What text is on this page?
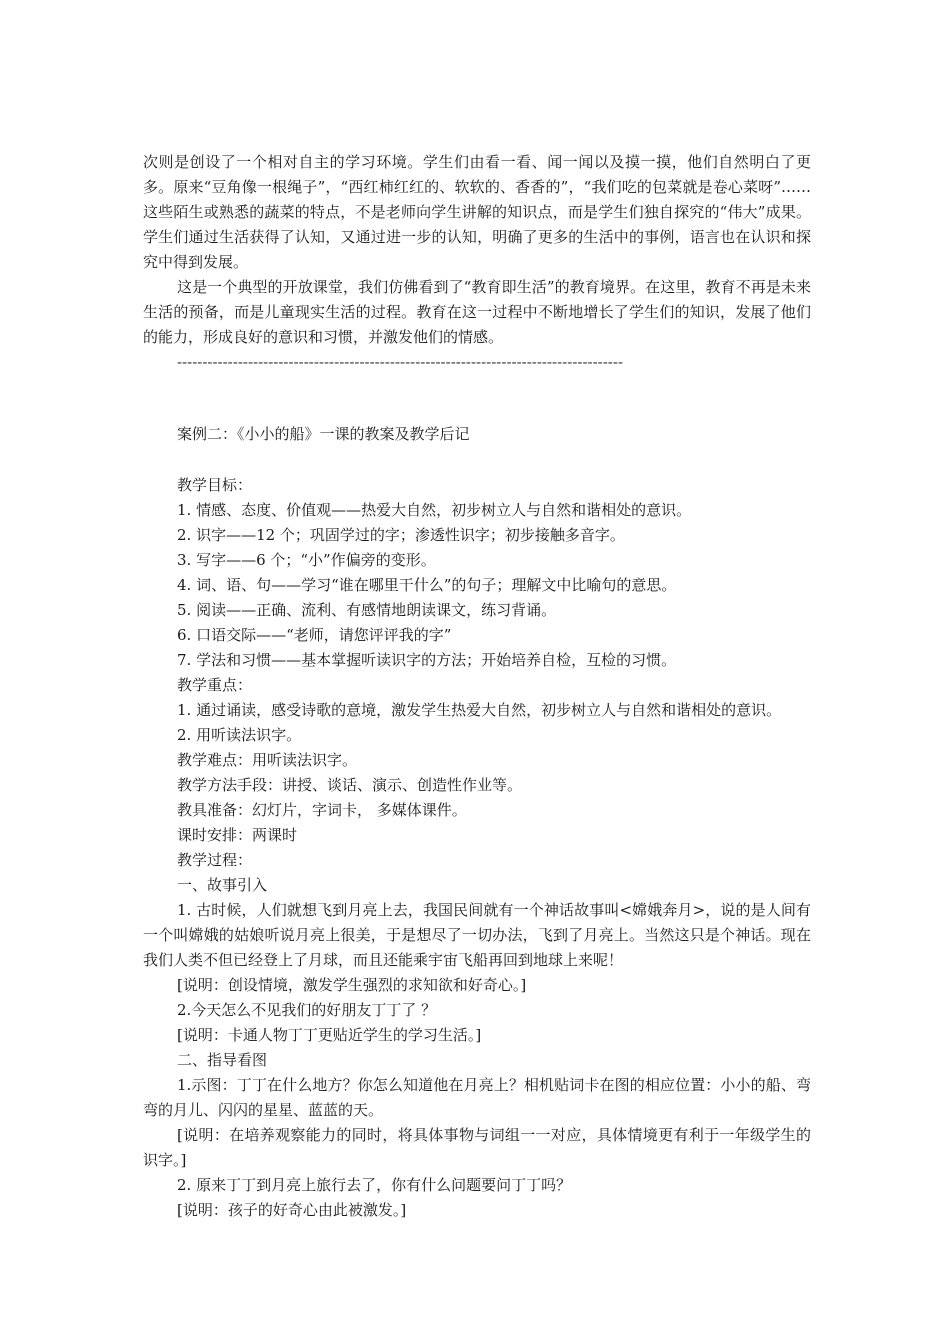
次则是创设了一个相对自主的学习环境。学生们由看一看、闻一闻以及摸一摸，他们自然明白了更多。原来“豆角像一根绳子”，“西红柿红红的、软软的、香香的”，“我们吃的包菜就是卷心菜呀”……这些陌生或熟悉的蔬菜的特点，不是老师向学生讲解的知识点，而是学生们独自探究的“伟大”成果。学生们通过生活获得了认知，又通过进一步的认知，明确了更多的生活中的事例，语言也在认识和探究中得到发展。

这是一个典型的开放课堂，我们仿佛看到了“教育即生活”的教育境界。在这里，教育不再是未来生活的预备，而是儿童现实生活的过程。教育在这一过程中不断地增长了学生们的知识，发展了他们的能力，形成良好的意识和习惯，并激发他们的情感。

----------------------------------------------------------------------------------------

案例二：《小小的船》一课的教案及教学后记

教学目标：

1. 情感、态度、价值观——热爱大自然，初步树立人与自然和谐相处的意识。

2. 识字——12 个；巩固学过的字；渗透性识字；初步接触多音字。

3. 写字——6 个；“小”作偏旁的变形。

4. 词、语、句——学习“谁在哪里干什么”的句子；理解文中比喻句的意思。

5. 阅读——正确、流利、有感情地朗读课文，练习背诵。

6. 口语交际——“老师，请您评评我的字”

7. 学法和习惯——基本掌握听读识字的方法；开始培养自检，互检的习惯。

教学重点：

1. 通过诵读，感受诗歌的意境，激发学生热爱大自然，初步树立人与自然和谐相处的意识。

2. 用听读法识字。

教学难点：用听读法识字。

教学方法手段：讲授、谈话、演示、创造性作业等。

教具准备：幻灯片，字词卡， 多媒体课件。

课时安排：两课时

教学过程：

一、故事引入

1. 古时候，人们就想飞到月亮上去，我国民间就有一个神话故事叫<嫦娥奔月>，说的是人间有一个叫嫦娥的姑娘听说月亮上很美，于是想尽了一切办法，飞到了月亮上。当然这只是个神话。现在我们人类不但已经登上了月球，而且还能乘宇宙飞船再回到地球上来呢！

[说明：创设情境，激发学生强烈的求知欲和好奇心。]

2.今天怎么不见我们的好朋友丁丁了 ？

[说明：卡通人物丁丁更贴近学生的学习生活。]

二、指导看图

1.示图：丁丁在什么地方？你怎么知道他在月亮上？相机贴词卡在图的相应位置：小小的船、弯弯的月儿、闪闪的星星、蓝蓝的天。

[说明：在培养观察能力的同时，将具体事物与词组一一对应，具体情境更有利于一年级学生的识字。]

2. 原来丁丁到月亮上旅行去了，你有什么问题要问丁丁吗？

[说明：孩子的好奇心由此被激发。]
